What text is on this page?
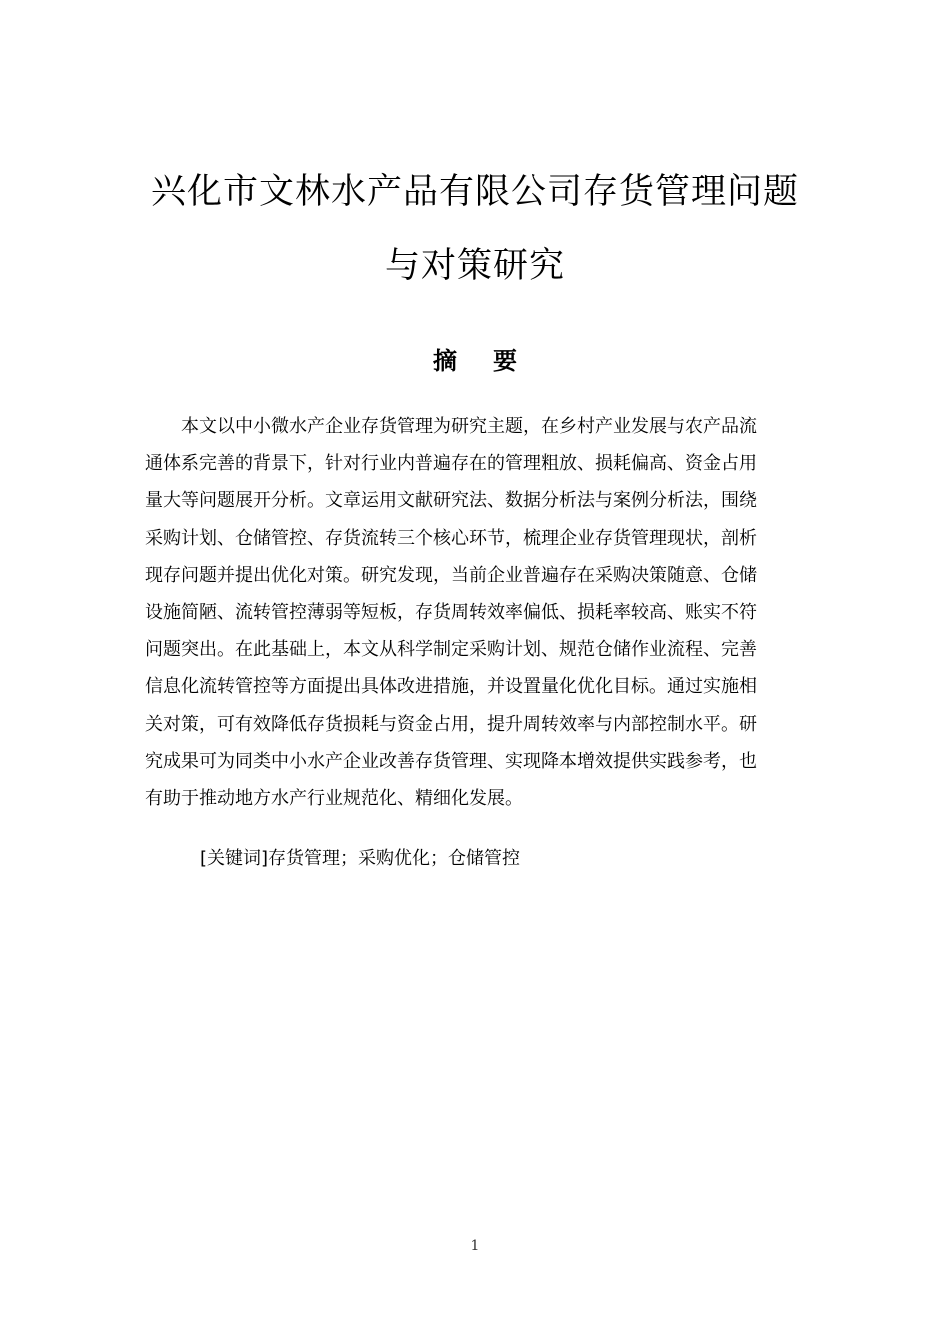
兴化市文林水产品有限公司存货管理问题
与对策研究
摘要
本文以中小微水产企业存货管理为研究主题，在乡村产业发展与农产品流
通体系完善的背景下，针对行业内普遍存在的管理粗放、损耗偏高、资金占用
量大等问题展开分析。文章运用文献研究法、数据分析法与案例分析法，围绕
采购计划、仓储管控、存货流转三个核心环节，梳理企业存货管理现状，剖析
现存问题并提出优化对策。研究发现，当前企业普遍存在采购决策随意、仓储
设施简陋、流转管控薄弱等短板，存货周转效率偏低、损耗率较高、账实不符
问题突出。在此基础上，本文从科学制定采购计划、规范仓储作业流程、完善
信息化流转管控等方面提出具体改进措施，并设置量化优化目标。通过实施相
关对策，可有效降低存货损耗与资金占用，提升周转效率与内部控制水平。研
究成果可为同类中小水产企业改善存货管理、实现降本增效提供实践参考，也
有助于推动地方水产行业规范化、精细化发展。

[关键词]存货管理；采购优化；仓储管控

1
